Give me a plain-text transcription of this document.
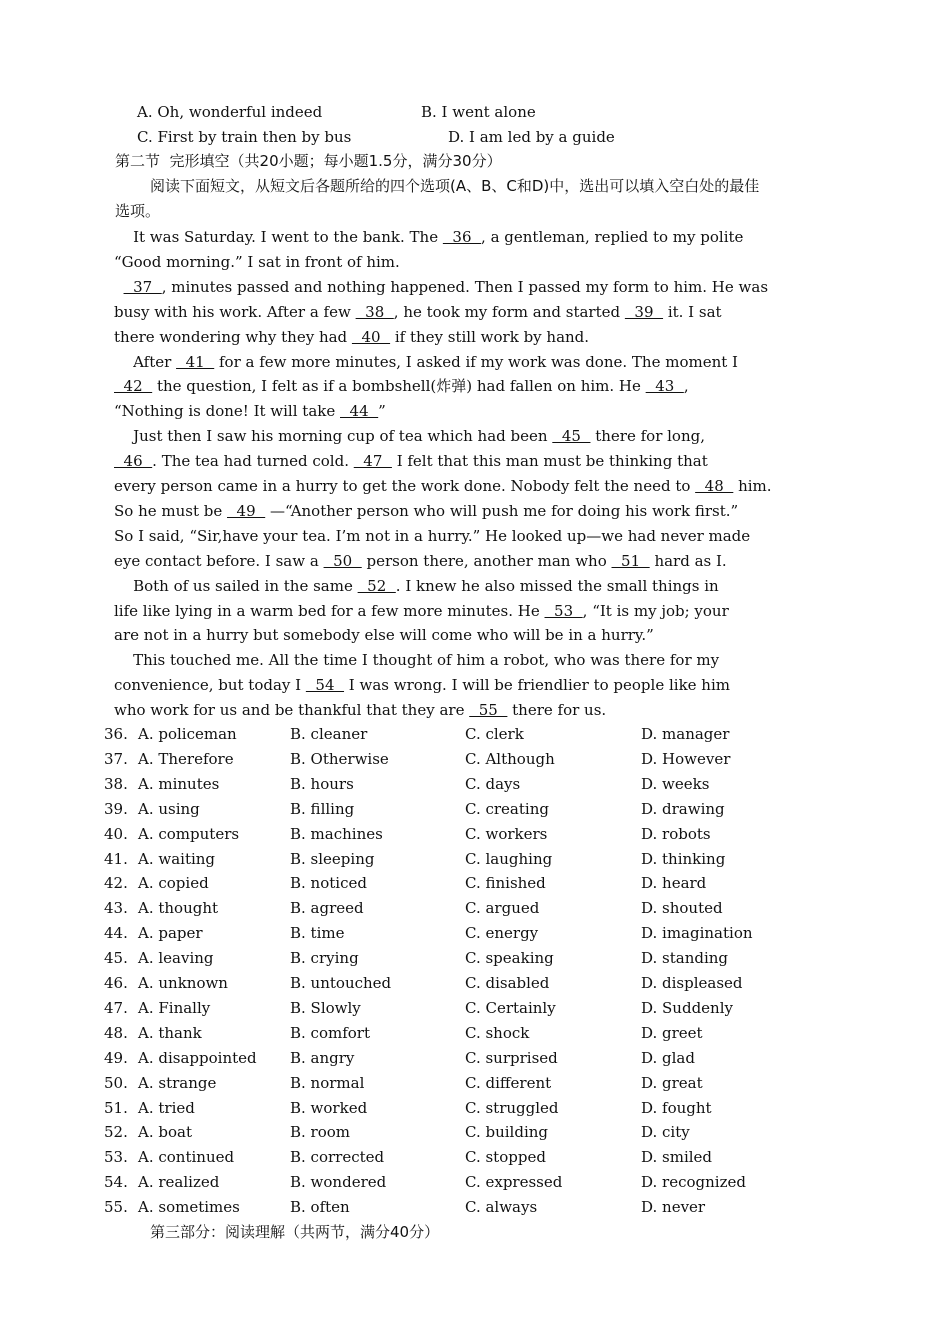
A. Oh, wonderful indeed	B. I went alone
C. First by train then by bus	D. I am led by a guide
第二节  完形填空（共20小题；每小题1.5分，满分30分）
阅读下面短文，从短文后各题所给的四个选项(A、B、C和D)中，选出可以填入空白处的最佳
选项。
It was Saturday. I went to the bank. The   36  , a gentleman, replied to my polite
“Good morning.” I sat in front of him.
37  , minutes passed and nothing happened. Then I passed my form to him. He was
busy with his work. After a few   38  , he took my form and started   39   it. I sat
there wondering why they had   40   if they still work by hand.
After   41   for a few more minutes, I asked if my work was done. The moment I
42   the question, I felt as if a bombshell(炸弹) had fallen on him. He   43  ,
“Nothing is done! It will take   44  ”
Just then I saw his morning cup of tea which had been   45   there for long,
46  . The tea had turned cold.   47   I felt that this man must be thinking that
every person came in a hurry to get the work done. Nobody felt the need to   48   him.
So he must be   49   —“Another person who will push me for doing his work first.”
So I said, “Sir,have your tea. I’m not in a hurry.” He looked up—we had never made
eye contact before. I saw a   50   person there, another man who   51   hard as I.
Both of us sailed in the same   52  . I knew he also missed the small things in
life like lying in a warm bed for a few more minutes. He   53  , “It is my job; your
are not in a hurry but somebody else will come who will be in a hurry.”
This touched me. All the time I thought of him a robot, who was there for my
convenience, but today I   54   I was wrong. I will be friendlier to people like him
who work for us and be thankful that they are   55   there for us.
36. A. policeman	B. cleaner	C. clerk	D. manager
37. A. Therefore	B. Otherwise	C. Although	D. However
38. A. minutes	B. hours	C. days	D. weeks
39. A. using	B. filling	C. creating	D. drawing
40. A. computers	B. machines	C. workers	D. robots
41. A. waiting	B. sleeping	C. laughing	D. thinking
42. A. copied	B. noticed	C. finished	D. heard
43. A. thought	B. agreed	C. argued	D. shouted
44. A. paper	B. time	C. energy	D. imagination
45. A. leaving	B. crying	C. speaking	D. standing
46. A. unknown	B. untouched	C. disabled	D. displeased
47. A. Finally	B. Slowly	C. Certainly	D. Suddenly
48. A. thank	B. comfort	C. shock	D. greet
49. A. disappointed B. angry	C. surprised	D. glad
50. A. strange	B. normal	C. different	D. great
51. A. tried	B. worked	C. struggled	D. fought
52. A. boat	B. room	C. building	D. city
53. A. continued	B. corrected	C. stopped	D. smiled
54. A. realized	B. wondered	C. expressed	D. recognized
55. A. sometimes	B. often	C. always	D. never
第三部分：阅读理解（共两节，满分40分）
